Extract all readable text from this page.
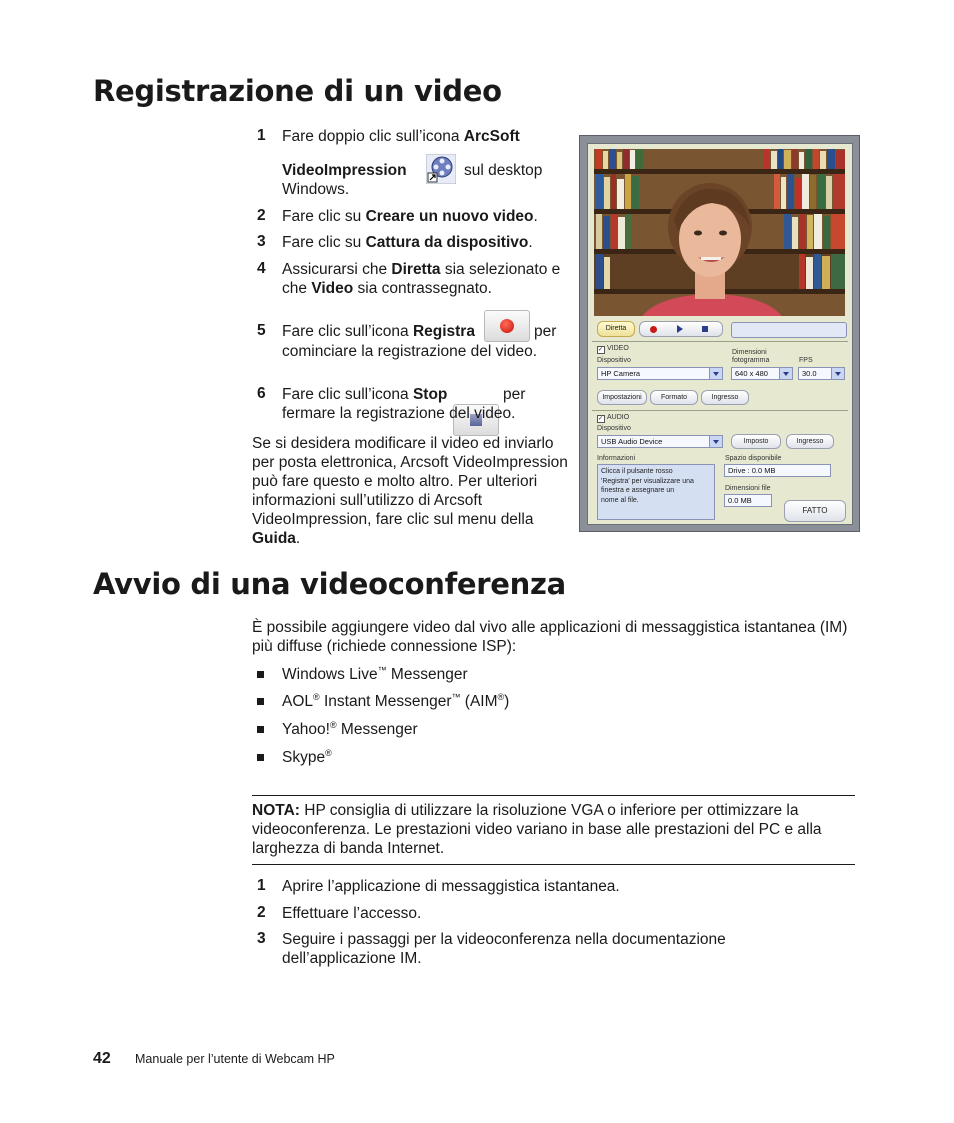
Registrazione di un video
1 Fare doppio clic sull’icona ArcSoft
VideoImpression	sul desktop
Windows.
2 Fare clic su Creare un nuovo video.
3 Fare clic su Cattura da dispositivo.
4 Assicurarsi che Diretta sia selezionato e
che Video sia contrassegnato.
5 Fare clic sull’icona Registra	per
cominciare la registrazione del video.
6 Fare clic sull’icona Stop	per
fermare la registrazione del video.
Se si desidera modificare il video ed inviarlo
per posta elettronica, Arcsoft VideoImpression
può fare questo e molto altro. Per ulteriori
informazioni sull’utilizzo di Arcsoft
VideoImpression, fare clic sul menu della
Guida.
Diretta
✓ VIDEO
Dispositivo
Dimensioni
fotogramma	FPS
HP Camera	640 x 480	30.0
Impostazioni	Formato	Ingresso
✓ AUDIO
Dispositivo
USB Audio Device	Imposto	Ingresso
Informazioni
Clicca il pulsante rosso
'Registra' per visualizzare una
finestra e assegnare un
nome al file.
Spazio disponibile
Drive : 0.0 MB
Dimensioni file
0.0 MB
FATTO
Avvio di una videoconferenza
È possibile aggiungere video dal vivo alle applicazioni di messaggistica istantanea (IM)
più diffuse (richiede connessione ISP):
Windows Live™ Messenger
AOL® Instant Messenger™ (AIM®)
Yahoo!® Messenger
Skype®
NOTA: HP consiglia di utilizzare la risoluzione VGA o inferiore per ottimizzare la
videoconferenza. Le prestazioni video variano in base alle prestazioni del PC e alla
larghezza di banda Internet.
1 Aprire l’applicazione di messaggistica istantanea.
2 Effettuare l’accesso.
3 Seguire i passaggi per la videoconferenza nella documentazione
dell’applicazione IM.
42 Manuale per l’utente di Webcam HP
